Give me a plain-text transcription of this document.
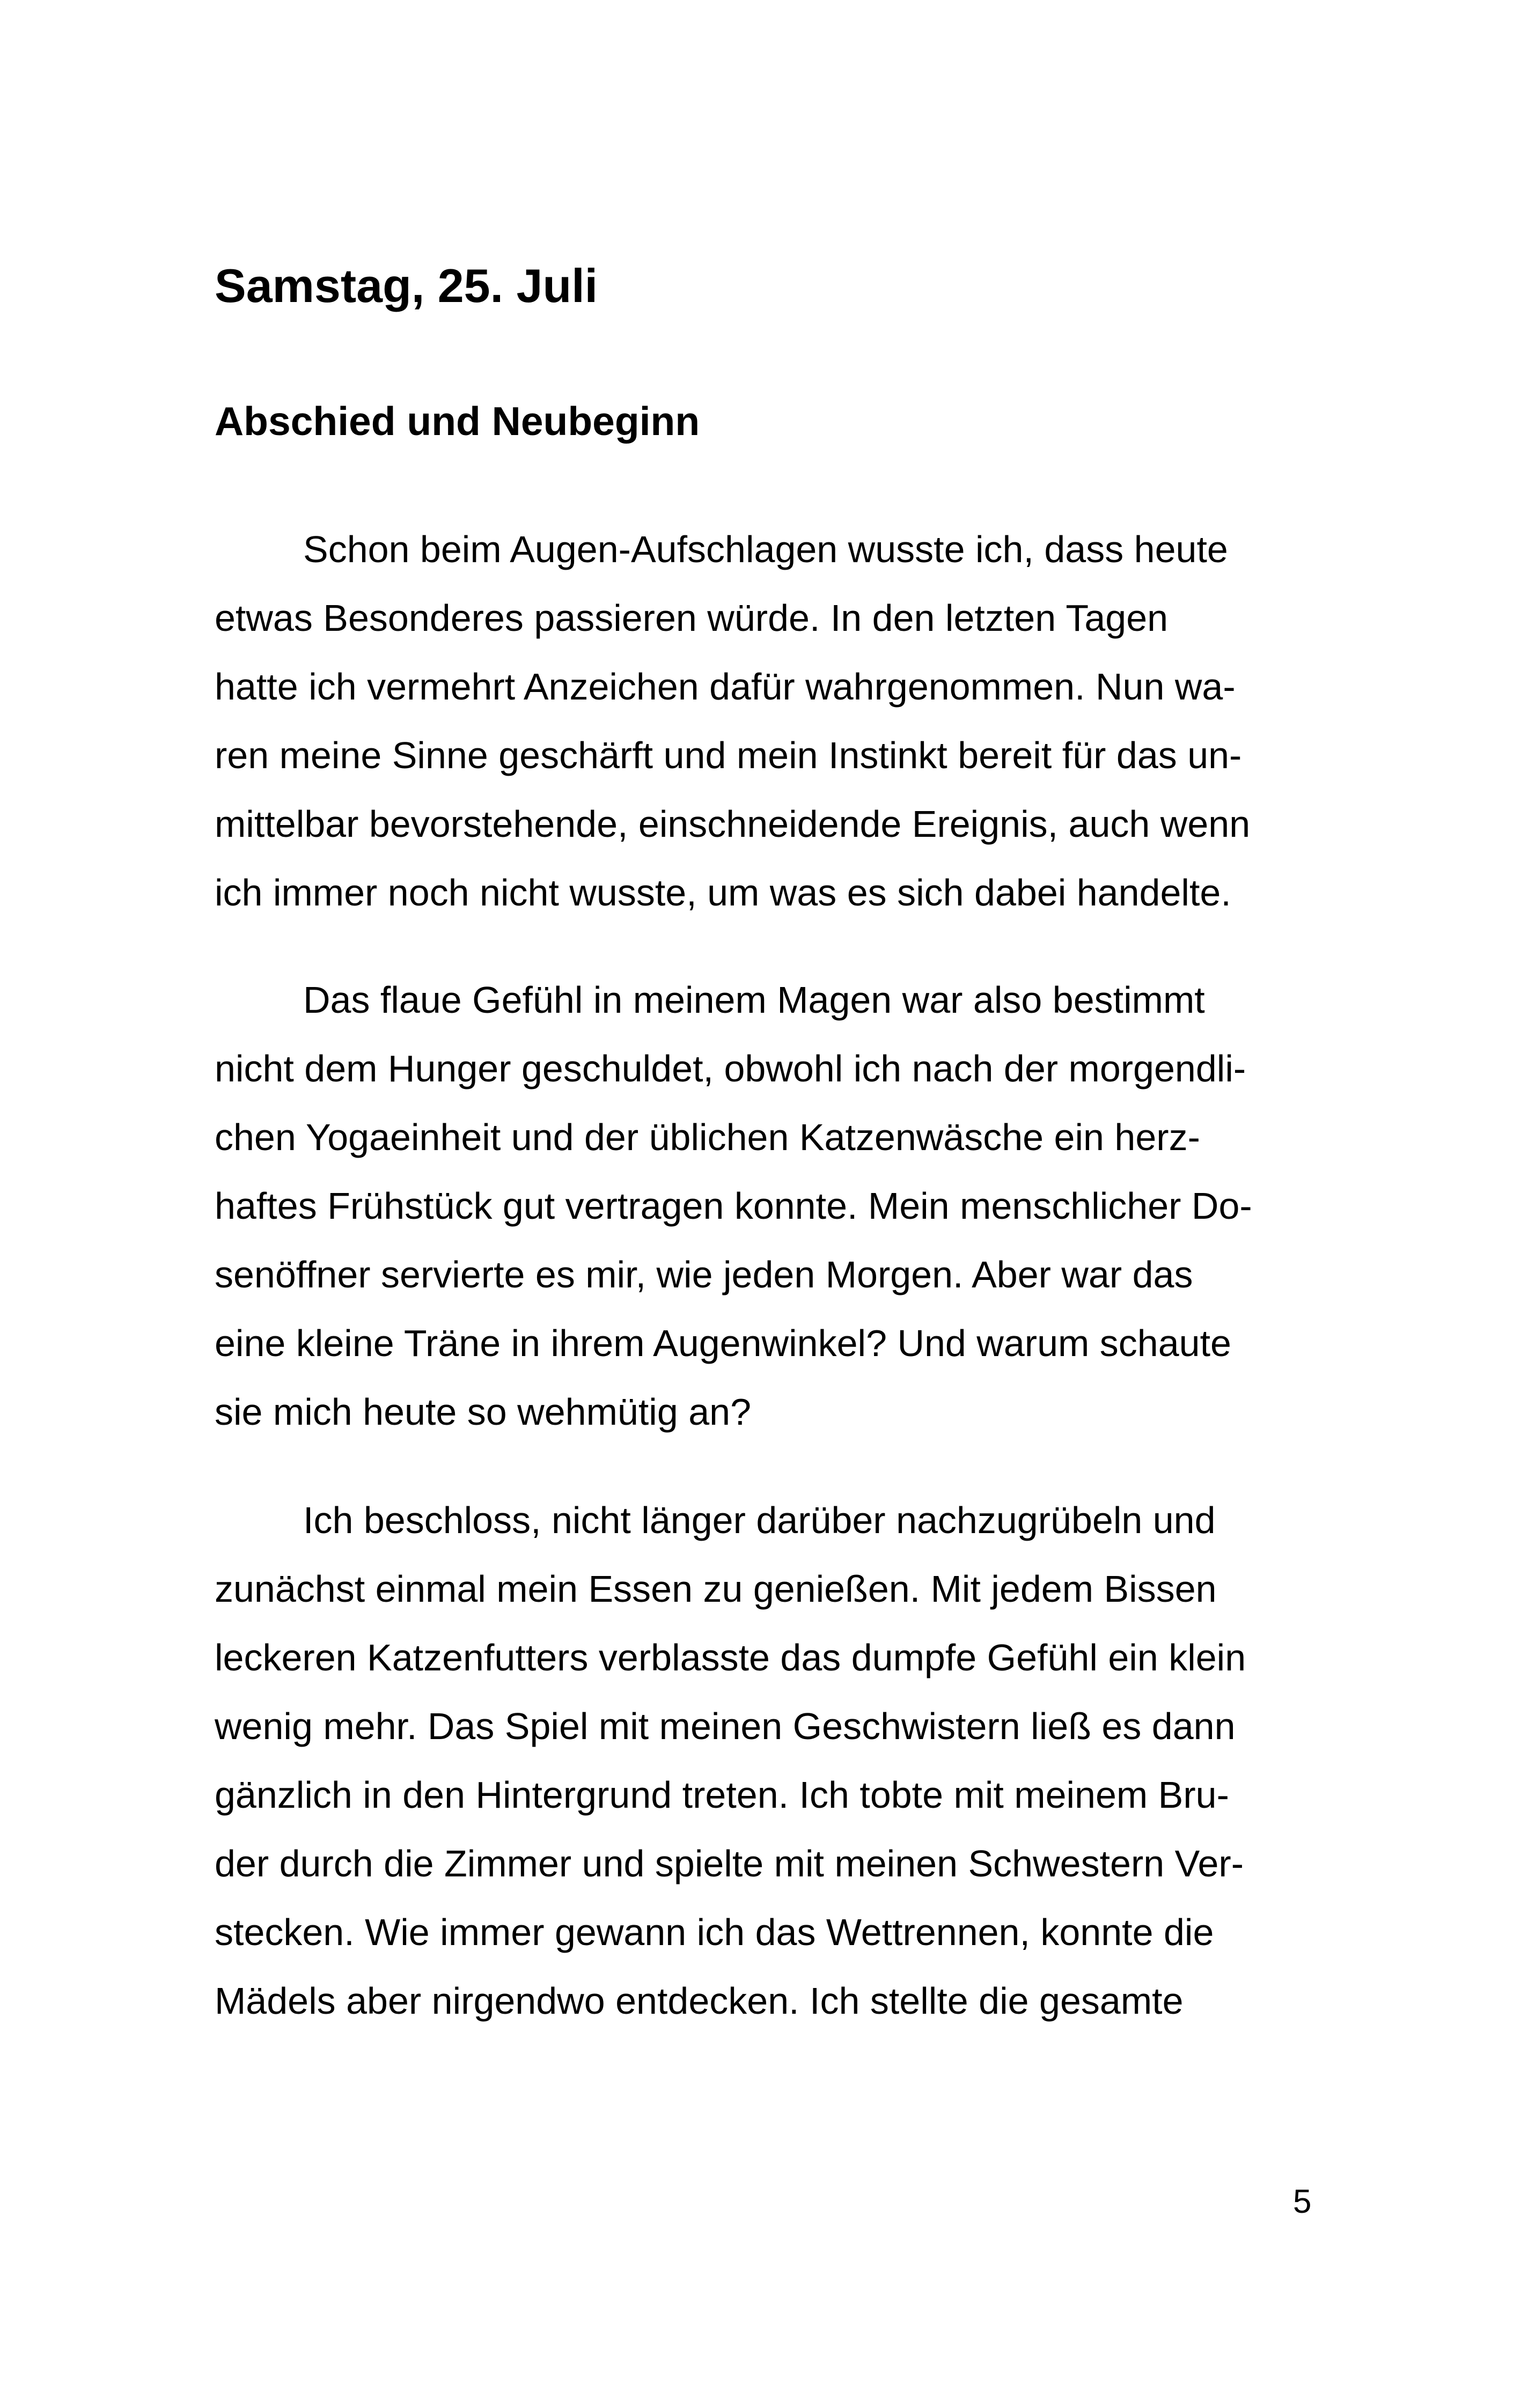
Samstag, 25. Juli
Abschied und Neubeginn
Schon beim Augen-Aufschlagen wusste ich, dass heute
etwas Besonderes passieren würde. In den letzten Tagen
hatte ich vermehrt Anzeichen dafür wahrgenommen. Nun wa-
ren meine Sinne geschärft und mein Instinkt bereit für das un-
mittelbar bevorstehende, einschneidende Ereignis, auch wenn
ich immer noch nicht wusste, um was es sich dabei handelte.
Das flaue Gefühl in meinem Magen war also bestimmt
nicht dem Hunger geschuldet, obwohl ich nach der morgendli-
chen Yogaeinheit und der üblichen Katzenwäsche ein herz-
haftes Frühstück gut vertragen konnte. Mein menschlicher Do-
senöffner servierte es mir, wie jeden Morgen. Aber war das
eine kleine Träne in ihrem Augenwinkel? Und warum schaute
sie mich heute so wehmütig an?
Ich beschloss, nicht länger darüber nachzugrübeln und
zunächst einmal mein Essen zu genießen. Mit jedem Bissen
leckeren Katzenfutters verblasste das dumpfe Gefühl ein klein
wenig mehr. Das Spiel mit meinen Geschwistern ließ es dann
gänzlich in den Hintergrund treten. Ich tobte mit meinem Bru-
der durch die Zimmer und spielte mit meinen Schwestern Ver-
stecken. Wie immer gewann ich das Wettrennen, konnte die
Mädels aber nirgendwo entdecken. Ich stellte die gesamte
5
